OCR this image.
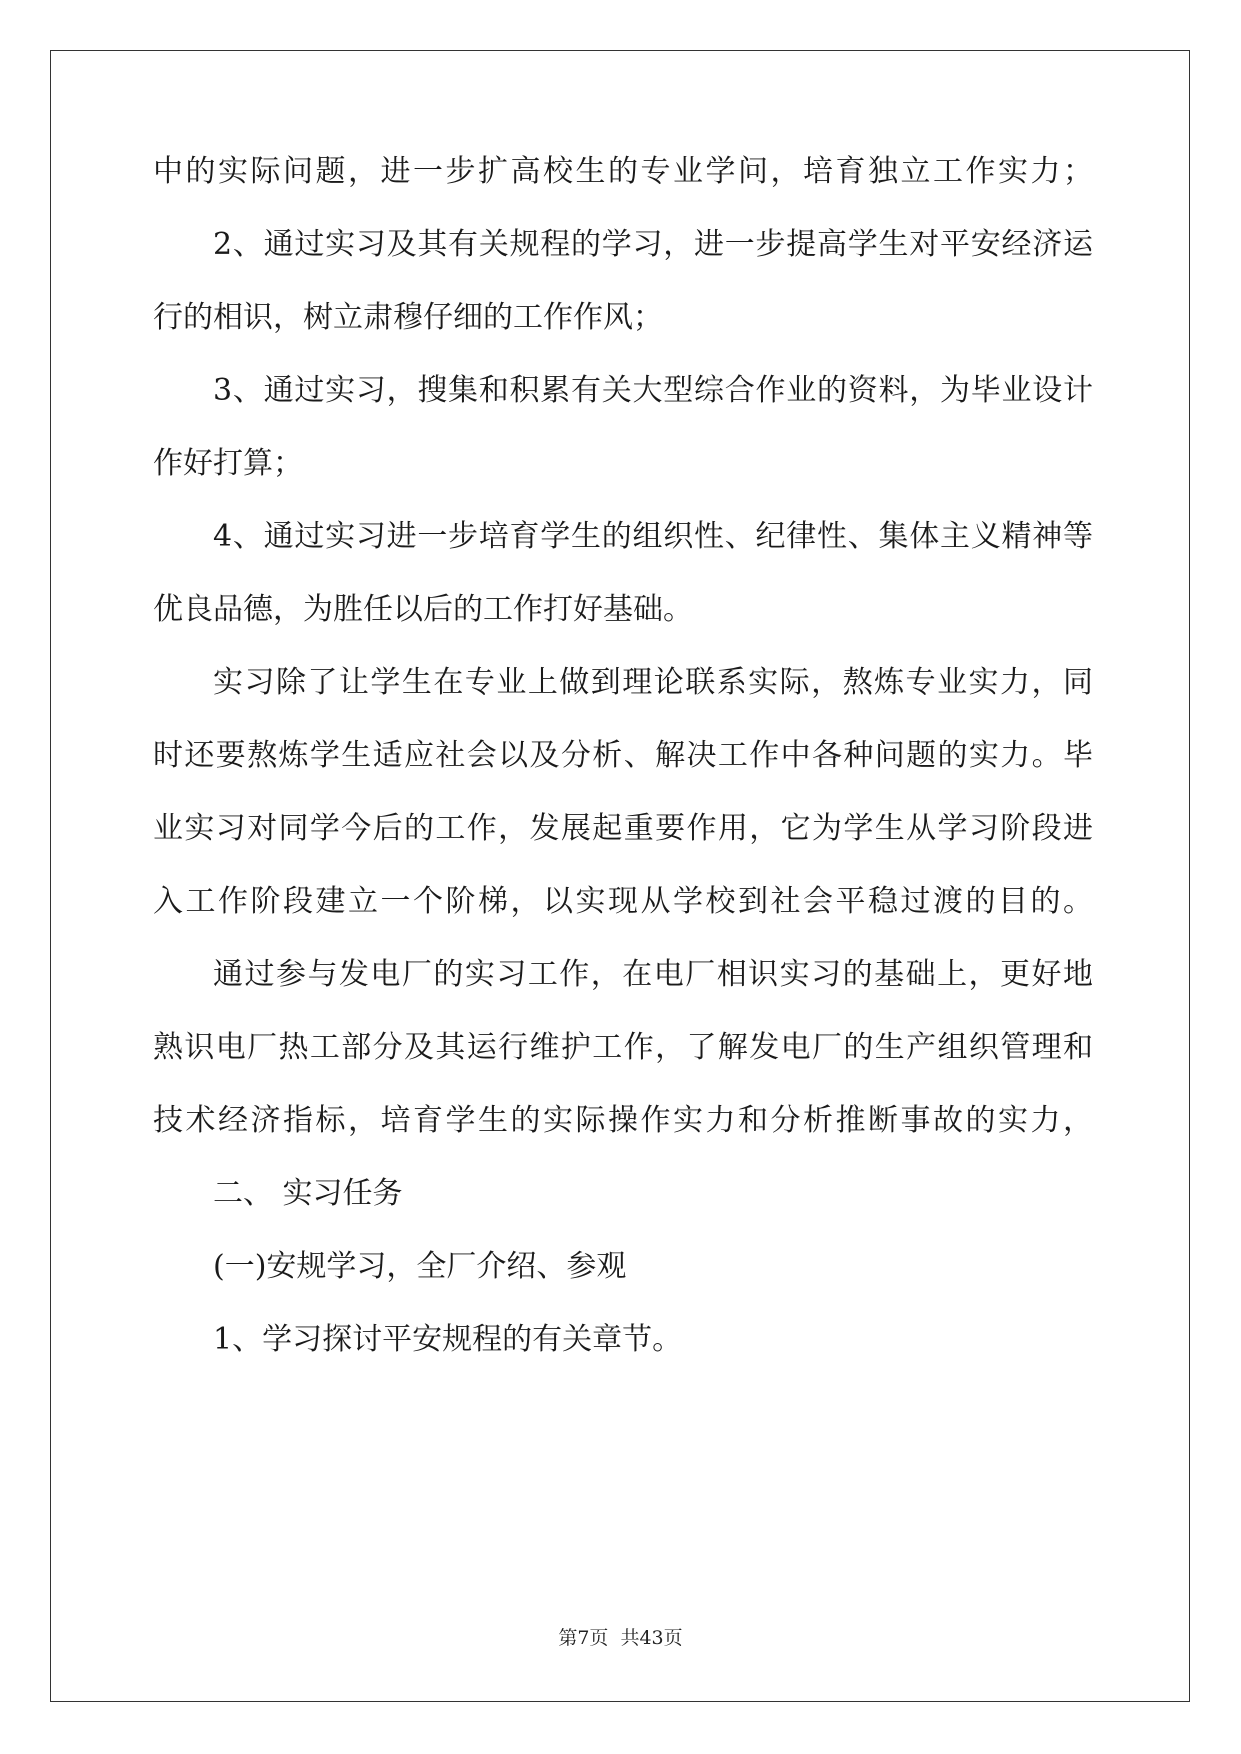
中的实际问题，进一步扩高校生的专业学问，培育独立工作实力；
2、通过实习及其有关规程的学习，进一步提高学生对平安经济运
行的相识，树立肃穆仔细的工作作风；
3、通过实习，搜集和积累有关大型综合作业的资料，为毕业设计
作好打算；
4、通过实习进一步培育学生的组织性、纪律性、集体主义精神等
优良品德，为胜任以后的工作打好基础。
实习除了让学生在专业上做到理论联系实际，熬炼专业实力，同
时还要熬炼学生适应社会以及分析、解决工作中各种问题的实力。毕
业实习对同学今后的工作，发展起重要作用，它为学生从学习阶段进
入工作阶段建立一个阶梯，以实现从学校到社会平稳过渡的目的。
通过参与发电厂的实习工作，在电厂相识实习的基础上，更好地
熟识电厂热工部分及其运行维护工作，了解发电厂的生产组织管理和
技术经济指标，培育学生的实际操作实力和分析推断事故的实力，
二、 实习任务
(一)安规学习，全厂介绍、参观
1、学习探讨平安规程的有关章节。
第7页 共43页
